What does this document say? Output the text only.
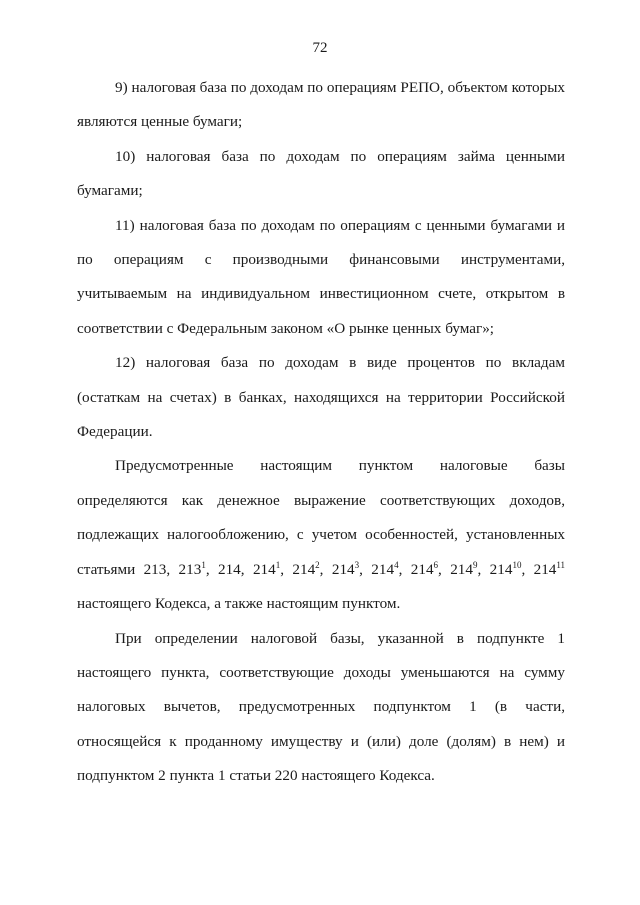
72

9) налоговая база по доходам по операциям РЕПО, объектом которых являются ценные бумаги;

10) налоговая база по доходам по операциям займа ценными бумагами;

11) налоговая база по доходам по операциям с ценными бумагами и по операциям с производными финансовыми инструментами, учитываемым на индивидуальном инвестиционном счете, открытом в соответствии с Федеральным законом «О рынке ценных бумаг»;

12) налоговая база по доходам в виде процентов по вкладам (остаткам на счетах) в банках, находящихся на территории Российской Федерации.

Предусмотренные настоящим пунктом налоговые базы определяются как денежное выражение соответствующих доходов, подлежащих налогообложению, с учетом особенностей, установленных статьями 213, $213^1$, 214, $214^1$, $214^2$, $214^3$, $214^4$, $214^6$, $214^9$, $214^{10}$, $214^{11}$ настоящего Кодекса, а также настоящим пунктом.

При определении налоговой базы, указанной в подпункте 1 настоящего пункта, соответствующие доходы уменьшаются на сумму налоговых вычетов, предусмотренных подпунктом 1 (в части, относящейся к проданному имуществу и (или) доле (долям) в нем) и подпунктом 2 пункта 1 статьи 220 настоящего Кодекса.
